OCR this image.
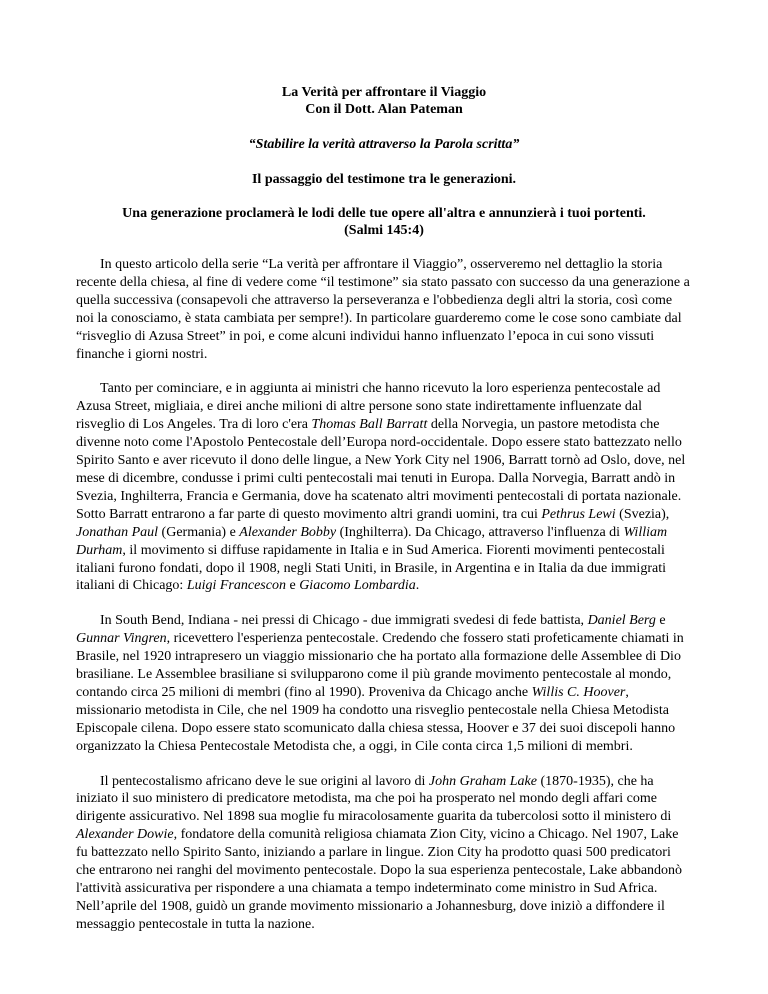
La Verità per affrontare il Viaggio
Con il Dott. Alan Pateman

“Stabilire la verità attraverso la Parola scritta”

Il passaggio del testimone tra le generazioni.

Una generazione proclamerà le lodi delle tue opere all'altra e annunzierà i tuoi portenti.
(Salmi 145:4)

In questo articolo della serie “La verità per affrontare il Viaggio”, osserveremo nel dettaglio la storia recente della chiesa, al fine di vedere come “il testimone” sia stato passato con successo da una generazione a quella successiva (consapevoli che attraverso la perseveranza e l'obbedienza degli altri la storia, così come noi la conosciamo, è stata cambiata per sempre!). In particolare guarderemo come le cose sono cambiate dal “risveglio di Azusa Street” in poi, e come alcuni individui hanno influenzato l’epoca in cui sono vissuti finanche i giorni nostri.

Tanto per cominciare, e in aggiunta ai ministri che hanno ricevuto la loro esperienza pentecostale ad Azusa Street, migliaia, e direi anche milioni di altre persone sono state indirettamente influenzate dal risveglio di Los Angeles. Tra di loro c'era Thomas Ball Barratt della Norvegia, un pastore metodista che divenne noto come l'Apostolo Pentecostale dell’Europa nord-occidentale. Dopo essere stato battezzato nello Spirito Santo e aver ricevuto il dono delle lingue, a New York City nel 1906, Barratt tornò ad Oslo, dove, nel mese di dicembre, condusse i primi culti pentecostali mai tenuti in Europa. Dalla Norvegia, Barratt andò in Svezia, Inghilterra, Francia e Germania, dove ha scatenato altri movimenti pentecostali di portata nazionale. Sotto Barratt entrarono a far parte di questo movimento altri grandi uomini, tra cui Pethrus Lewi (Svezia), Jonathan Paul (Germania) e Alexander Bobby (Inghilterra). Da Chicago, attraverso l'influenza di William Durham, il movimento si diffuse rapidamente in Italia e in Sud America. Fiorenti movimenti pentecostali italiani furono fondati, dopo il 1908, negli Stati Uniti, in Brasile, in Argentina e in Italia da due immigrati italiani di Chicago: Luigi Francescon e Giacomo Lombardia.

In South Bend, Indiana - nei pressi di Chicago - due immigrati svedesi di fede battista, Daniel Berg e Gunnar Vingren, ricevettero l'esperienza pentecostale. Credendo che fossero stati profeticamente chiamati in Brasile, nel 1920 intrapresero un viaggio missionario che ha portato alla formazione delle Assemblee di Dio brasiliane. Le Assemblee brasiliane si svilupparono come il più grande movimento pentecostale al mondo, contando circa 25 milioni di membri (fino al 1990). Proveniva da Chicago anche Willis C. Hoover, missionario metodista in Cile, che nel 1909 ha condotto una risveglio pentecostale nella Chiesa Metodista Episcopale cilena. Dopo essere stato scomunicato dalla chiesa stessa, Hoover e 37 dei suoi discepoli hanno organizzato la Chiesa Pentecostale Metodista che, a oggi, in Cile conta circa 1,5 milioni di membri.

Il pentecostalismo africano deve le sue origini al lavoro di John Graham Lake (1870-1935), che ha iniziato il suo ministero di predicatore metodista, ma che poi ha prosperato nel mondo degli affari come dirigente assicurativo. Nel 1898 sua moglie fu miracolosamente guarita da tubercolosi sotto il ministero di Alexander Dowie, fondatore della comunità religiosa chiamata Zion City, vicino a Chicago. Nel 1907, Lake fu battezzato nello Spirito Santo, iniziando a parlare in lingue. Zion City ha prodotto quasi 500 predicatori che entrarono nei ranghi del movimento pentecostale. Dopo la sua esperienza pentecostale, Lake abbandonò l'attività assicurativa per rispondere a una chiamata a tempo indeterminato come ministro in Sud Africa. Nell’aprile del 1908, guidò un grande movimento missionario a Johannesburg, dove iniziò a diffondere il messaggio pentecostale in tutta la nazione.
